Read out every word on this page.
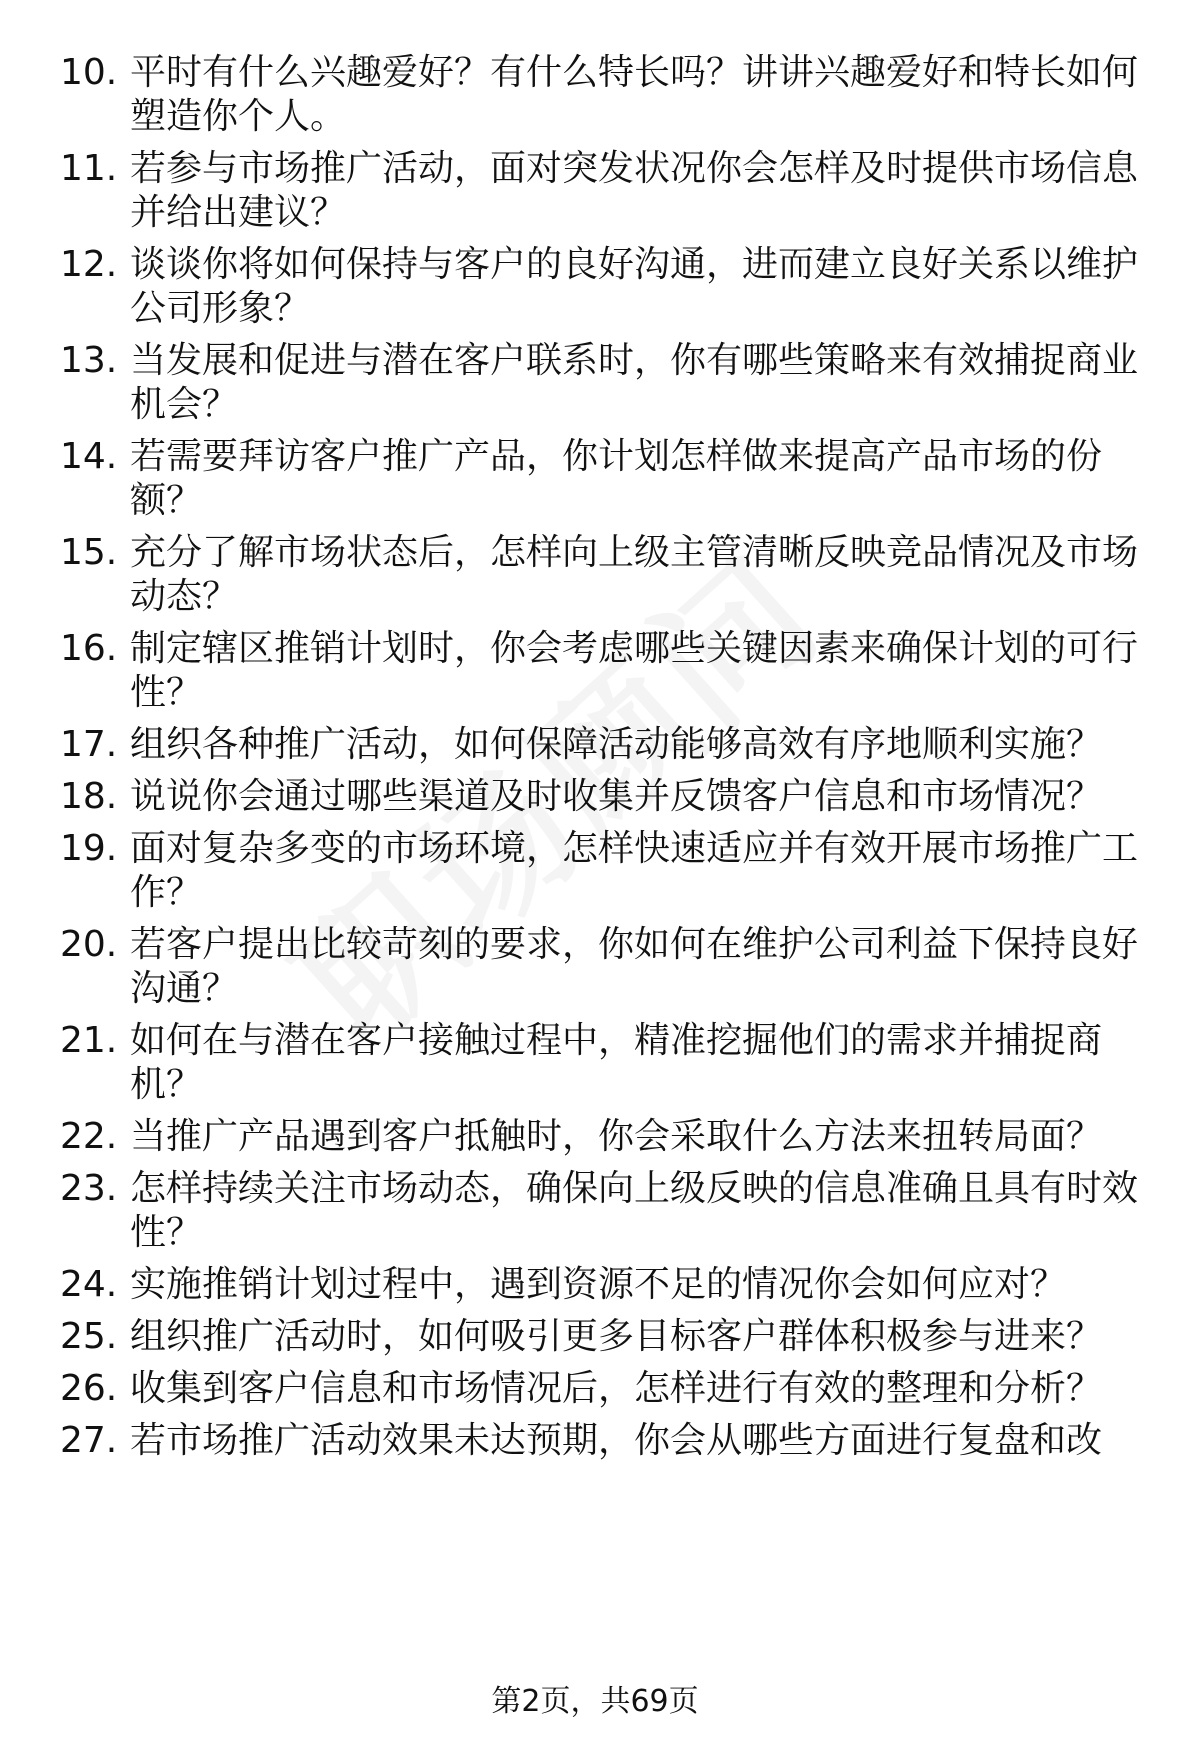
10. 平时有什么兴趣爱好？有什么特长吗？讲讲兴趣爱好和特长如何
塑造你个人。
11. 若参与市场推广活动，面对突发状况你会怎样及时提供市场信息
并给出建议？
12. 谈谈你将如何保持与客户的良好沟通，进而建立良好关系以维护
公司形象？
13. 当发展和促进与潜在客户联系时，你有哪些策略来有效捕捉商业
机会？
14. 若需要拜访客户推广产品，你计划怎样做来提高产品市场的份
额？
15. 充分了解市场状态后，怎样向上级主管清晰反映竞品情况及市场
动态？
16. 制定辖区推销计划时，你会考虑哪些关键因素来确保计划的可行
性？
17. 组织各种推广活动，如何保障活动能够高效有序地顺利实施？
18. 说说你会通过哪些渠道及时收集并反馈客户信息和市场情况？
19. 面对复杂多变的市场环境，怎样快速适应并有效开展市场推广工
作？
20. 若客户提出比较苛刻的要求，你如何在维护公司利益下保持良好
沟通？
21. 如何在与潜在客户接触过程中，精准挖掘他们的需求并捕捉商
机？
22. 当推广产品遇到客户抵触时，你会采取什么方法来扭转局面？
23. 怎样持续关注市场动态，确保向上级反映的信息准确且具有时效
性？
24. 实施推销计划过程中，遇到资源不足的情况你会如何应对？
25. 组织推广活动时，如何吸引更多目标客户群体积极参与进来？
26. 收集到客户信息和市场情况后，怎样进行有效的整理和分析？
27. 若市场推广活动效果未达预期，你会从哪些方面进行复盘和改
第2页，共69页
